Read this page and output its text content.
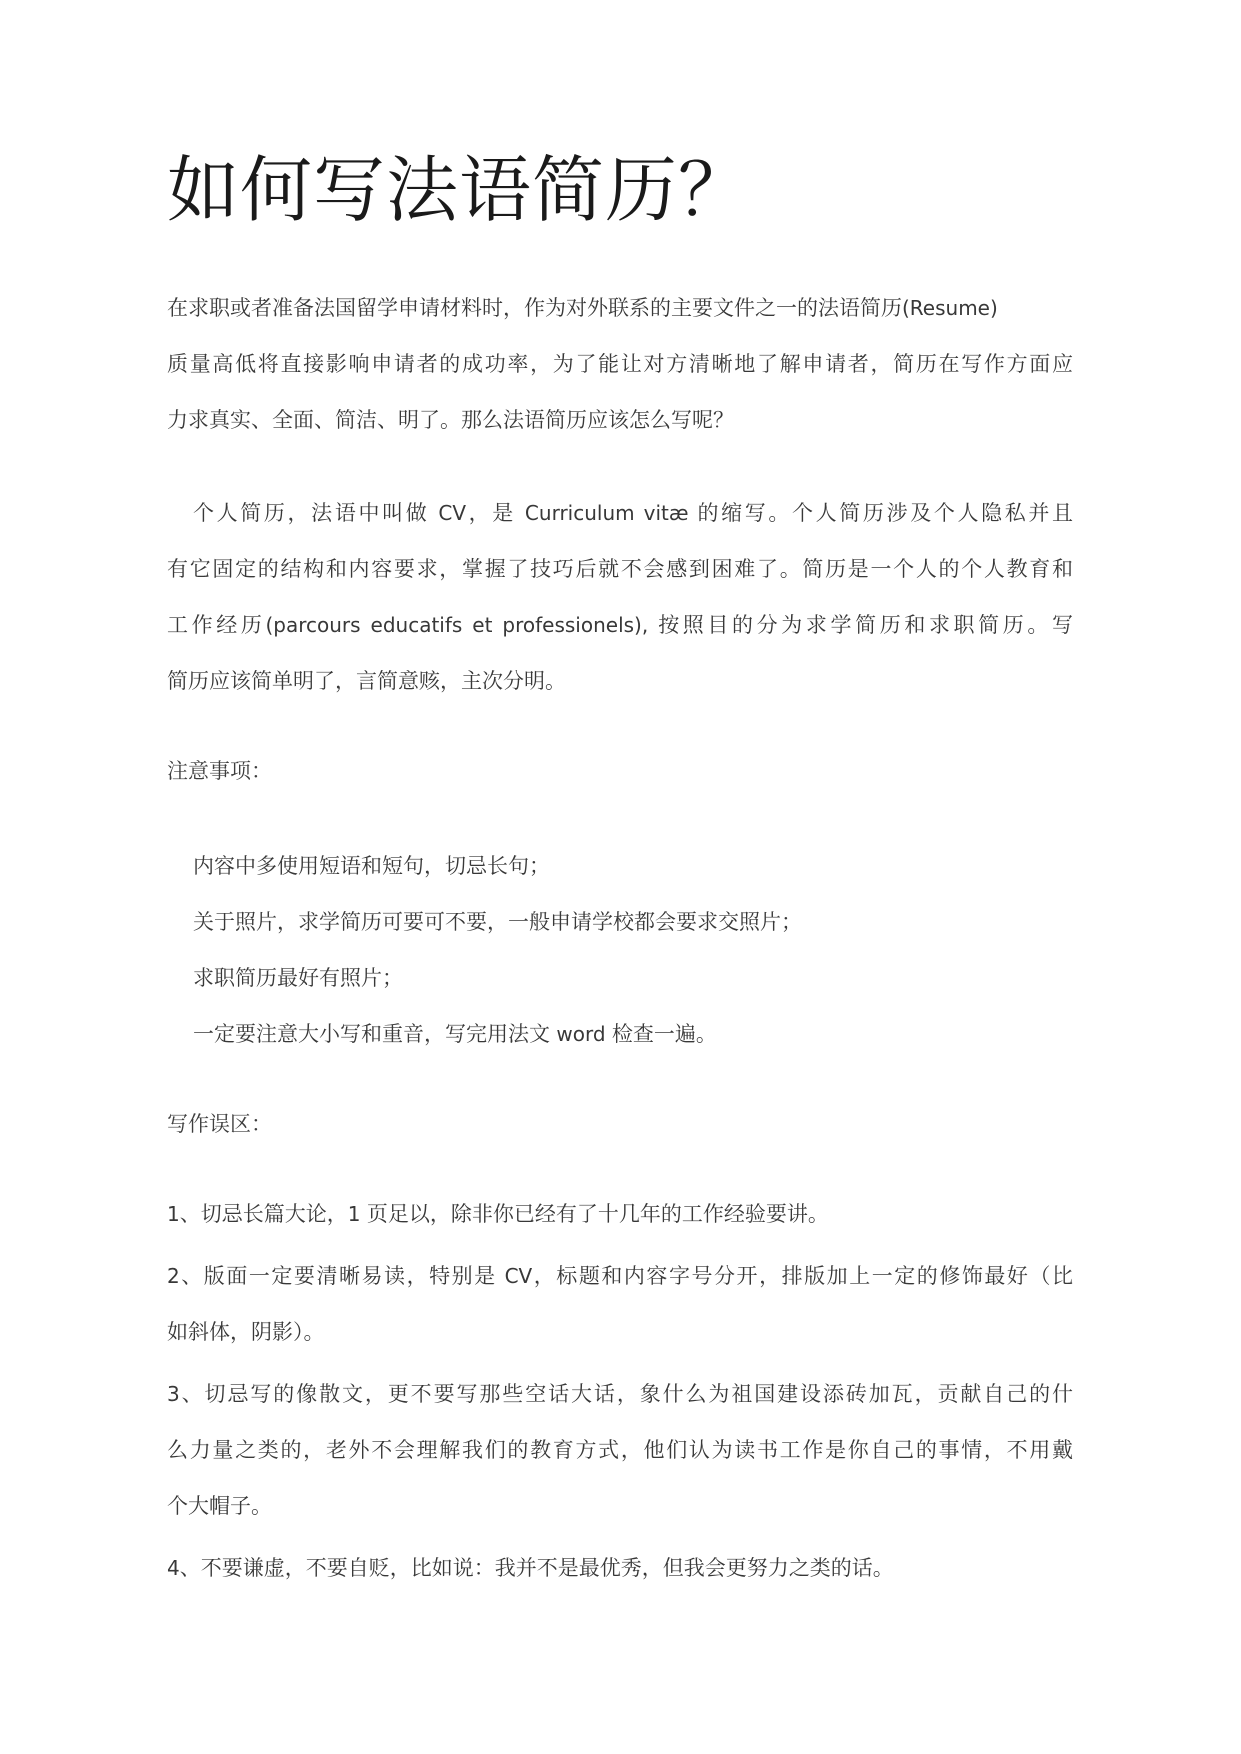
如何写法语简历？
在求职或者准备法国留学申请材料时，作为对外联系的主要文件之一的法语简历(Resume)
质量高低将直接影响申请者的成功率，为了能让对方清晰地了解申请者，简历在写作方面应
力求真实、全面、简洁、明了。那么法语简历应该怎么写呢？
个人简历，法语中叫做 CV，是 Curriculum vitæ 的缩写。个人简历涉及个人隐私并且
有它固定的结构和内容要求，掌握了技巧后就不会感到困难了。简历是一个人的个人教育和
工作经历(parcours educatifs et professionels), 按照目的分为求学简历和求职简历。写
简历应该简单明了，言简意赅，主次分明。
注意事项：
内容中多使用短语和短句，切忌长句；
关于照片，求学简历可要可不要，一般申请学校都会要求交照片；
求职简历最好有照片；
一定要注意大小写和重音，写完用法文 word 检查一遍。
写作误区：
1、切忌长篇大论，1 页足以，除非你已经有了十几年的工作经验要讲。
2、版面一定要清晰易读，特别是 CV，标题和内容字号分开，排版加上一定的修饰最好（比
如斜体，阴影）。
3、切忌写的像散文，更不要写那些空话大话，象什么为祖国建设添砖加瓦，贡献自己的什
么力量之类的，老外不会理解我们的教育方式，他们认为读书工作是你自己的事情，不用戴
个大帽子。
4、不要谦虚，不要自贬，比如说：我并不是最优秀，但我会更努力之类的话。
